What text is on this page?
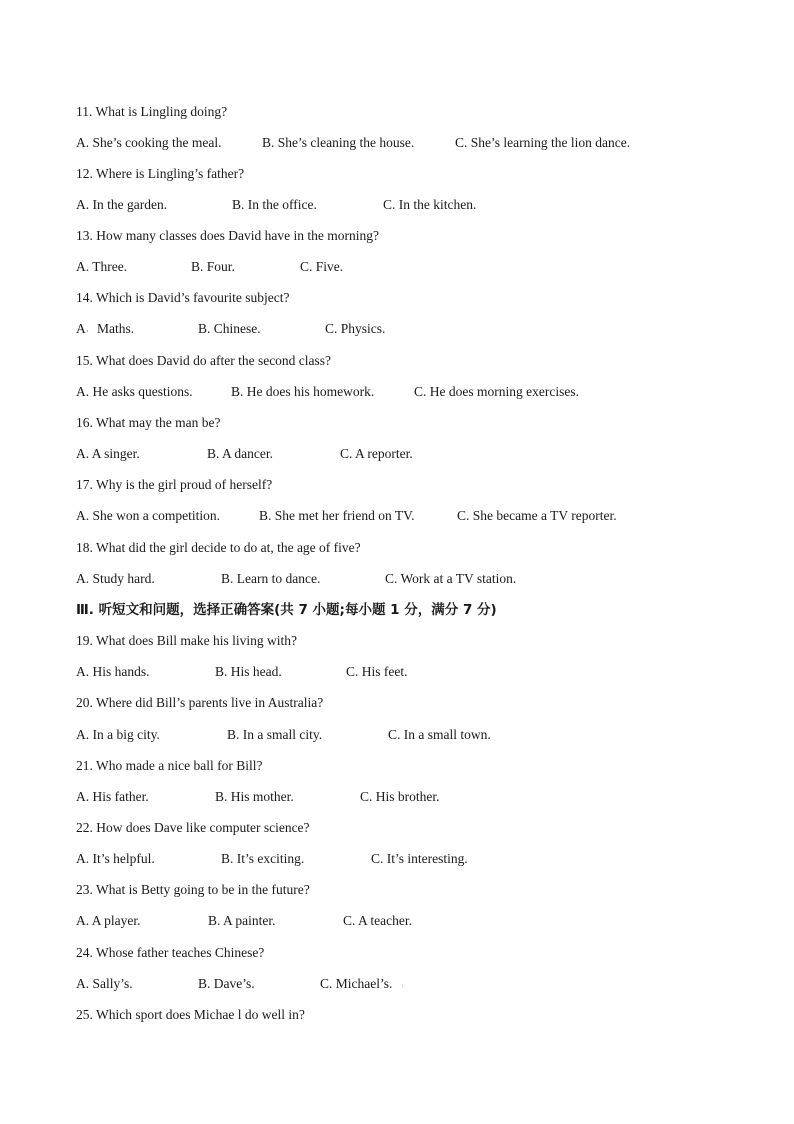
11. What is Lingling doing?
A. She’s cooking the meal.	B. She’s cleaning the house.	C. She’s learning the lion dance.
12. Where is Lingling’s father?
A. In the garden.	B. In the office.	C. In the kitchen.
13. How many classes does David have in the morning?
A. Three.	B. Four.	C. Five.
14. Which is David’s favourite subject?
A ， Maths.	B. Chinese.	C. Physics.
15. What does David do after the second class?
A. He asks questions.	B. He does his homework.	C. He does morning exercises.
16. What may the man be?
A. A singer.	B. A dancer.	C. A reporter.
17. Why is the girl proud of herself?
A. She won a competition.	B. She met her friend on TV.	C. She became a TV reporter.
18. What did the girl decide to do at, the age of five?
A. Study hard.	B. Learn to dance.	C. Work at a TV station.
Ⅲ. 听短文和问题，选择正确答案(共 7 小题;每小题 1 分，满分 7 分)
19. What does Bill make his living with?
A. His hands.	B. His head.	C. His feet.
20. Where did Bill’s parents live in Australia?
A. In a big city.	B. In a small city.	C. In a small town.
21. Who made a nice ball for Bill?
A. His father.	B. His mother.	C. His brother.
22. How does Dave like computer science?
A. It’s helpful.	B. It’s exciting.	C. It’s interesting.
23. What is Betty going to be in the future?
A. A player.	B. A painter.	C. A teacher.
24. Whose father teaches Chinese?
A. Sally’s.	B. Dave’s.	C. Michael’s. ·
25. Which sport does Michae l do well in?
